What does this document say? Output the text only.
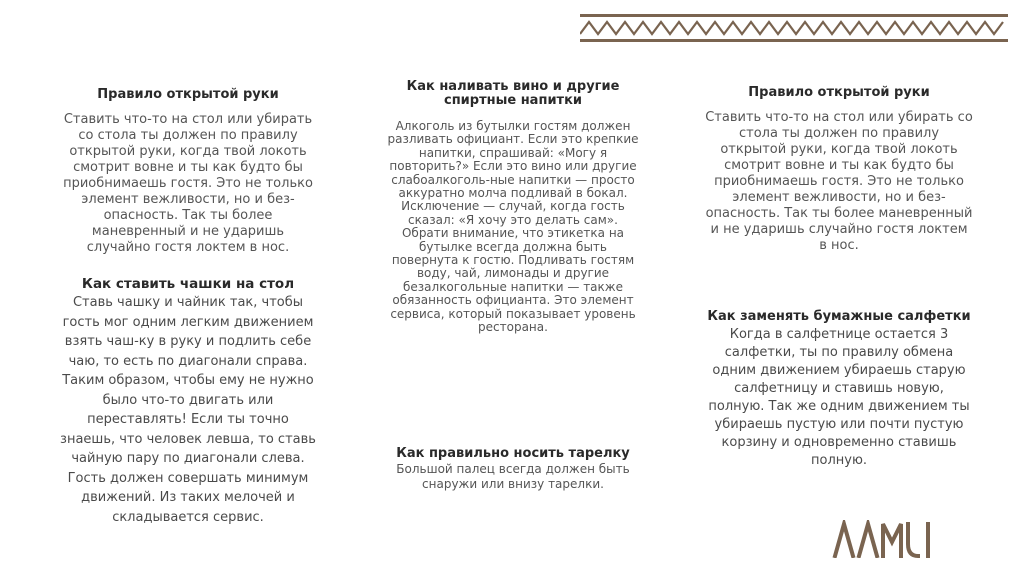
Правило открытой руки
Ставить что-то на стол или убирать со стола ты должен по правилу открытой руки, когда твой локоть смотрит вовне и ты как будто бы приобнимаешь гостя. Это не только элемент вежливости, но и без-опасность. Так ты более маневренный и не ударишь случайно гостя локтем в нос.
Как ставить чашки на стол
Ставь чашку и чайник так, чтобы гость мог одним легким движением взять чаш-ку в руку и подлить себе чаю, то есть по диагонали справа. Таким образом, чтобы ему не нужно было что-то двигать или переставлять! Если ты точно знаешь, что человек левша, то ставь чайную пару по диагонали слева. Гость должен совершать минимум движений. Из таких мелочей и складывается сервис.
Как наливать вино и другие спиртные напитки
Алкоголь из бутылки гостям должен разливать официант. Если это крепкие напитки, спрашивай: «Могу я повторить?» Если это вино или другие слабоалкоголь-ные напитки — просто аккуратно молча подливай в бокал. Исключение — случай, когда гость сказал: «Я хочу это делать сам». Обрати внимание, что этикетка на бутылке всегда должна быть повернута к гостю. Подливать гостям воду, чай, лимонады и другие безалкогольные напитки — также обязанность официанта. Это элемент сервиса, который показывает уровень ресторана.
Как правильно носить тарелку
Большой палец всегда должен быть снаружи или внизу тарелки.
Правило открытой руки
Ставить что-то на стол или убирать со стола ты должен по правилу открытой руки, когда твой локоть смотрит вовне и ты как будто бы приобнимаешь гостя. Это не только элемент вежливости, но и без-опасность. Так ты более маневренный и не ударишь случайно гостя локтем в нос.
Как заменять бумажные салфетки
Когда в салфетнице остается 3 салфетки, ты по правилу обмена одним движением убираешь старую салфетницу и ставишь новую, полную. Так же одним движением ты убираешь пустую или почти пустую корзину и одновременно ставишь полную.
